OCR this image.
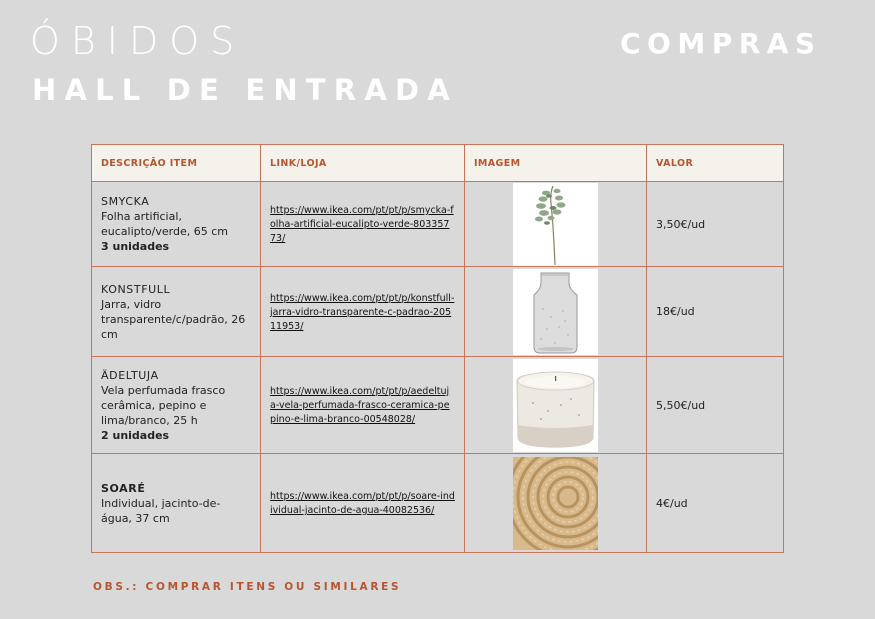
ÓBIDOS
HALL DE ENTRADA
COMPRAS
DESCRIÇÃO ITEM	LINK/LOJA	IMAGEM	VALOR

SMYCKA
Folha artificial, eucalipto/verde, 65 cm
3 unidades	https://www.ikea.com/pt/pt/p/smycka-folha-artificial-eucalipto-verde-80335773/		3,50€/ud

KONSTFULL
Jarra, vidro transparente/c/padrão, 26 cm	https://www.ikea.com/pt/pt/p/konstfull-jarra-vidro-transparente-c-padrao-20511953/		18€/ud

ÄDELTUJA
Vela perfumada frasco cerâmica, pepino e lima/branco, 25 h
2 unidades	https://www.ikea.com/pt/pt/p/aedeltuja-vela-perfumada-frasco-ceramica-pepino-e-lima-branco-00548028/		5,50€/ud

SOARÉ
Individual, jacinto-de-água, 37 cm	https://www.ikea.com/pt/pt/p/soare-individual-jacinto-de-agua-40082536/		4€/ud
OBS.: COMPRAR ITENS OU SIMILARES
